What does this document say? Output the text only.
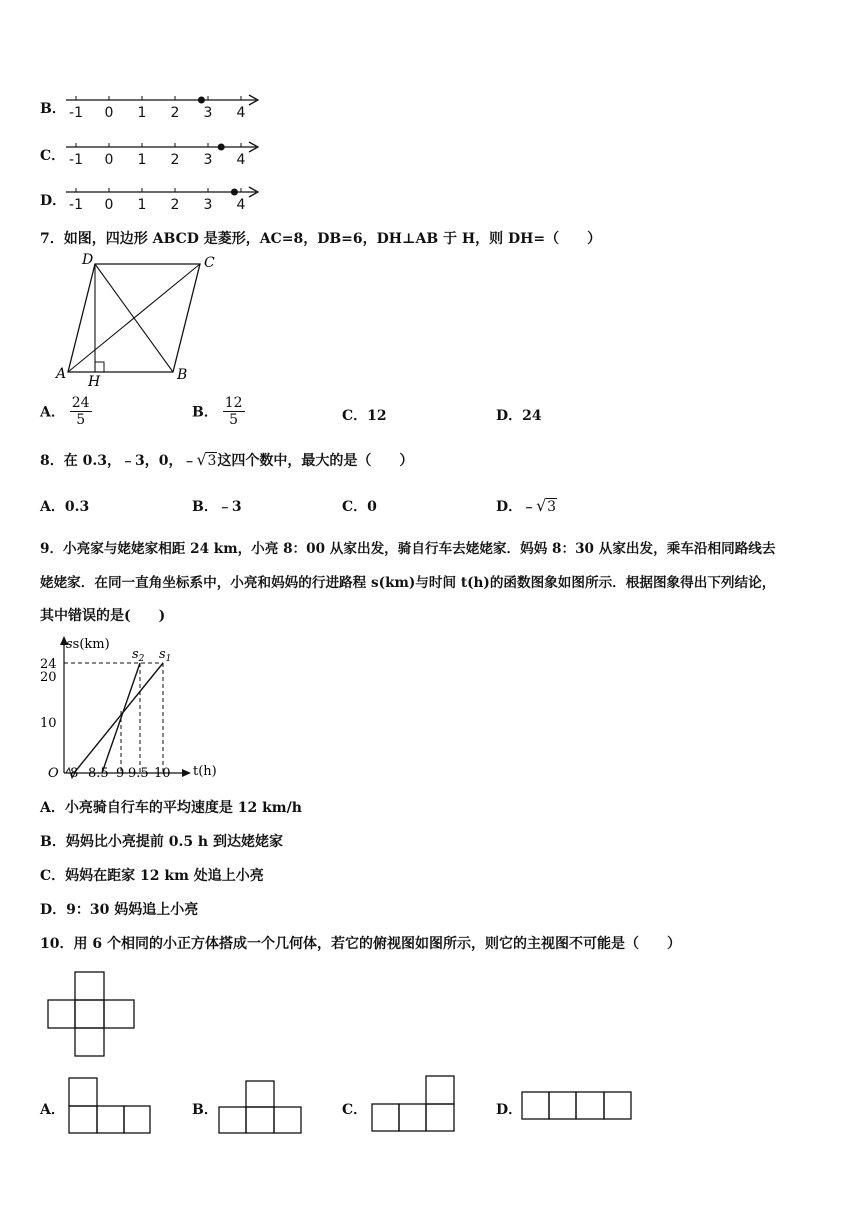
B． -1 0 1 2 3 4
C． -1 0 1 2 3 4
D． -1 0 1 2 3 4
7．如图，四边形 ABCD 是菱形，AC=8，DB=6，DH⊥AB 于 H，则 DH=（　　）
D	C
A	B
H
A． $\frac{24}{5}$	B． $\frac{12}{5}$	C．12	D．24
8．在 0.3，﹣3，0，﹣ √ 3这四个数中，最大的是（　　）
A．0.3	B．﹣3	C．0	D．﹣ √ 3
9．小亮家与姥姥家相距 24 km，小亮 8：00 从家出发，骑自行车去姥姥家．妈妈 8：30 从家出发，乘车沿相同路线去
姥姥家．在同一直角坐标系中，小亮和妈妈的行进路程 s(km)与时间 t(h)的函数图象如图所示．根据图象得出下列结论，
其中错误的是(　　)
ss(km)
24
20
10
O 8 8.5 9 9.5 10 t(h)
$s_2$ $s_1$
A．小亮骑自行车的平均速度是 12 km/h
B．妈妈比小亮提前 0.5 h 到达姥姥家
C．妈妈在距家 12 km 处追上小亮
D．9：30 妈妈追上小亮
10．用 6 个相同的小正方体搭成一个几何体，若它的俯视图如图所示，则它的主视图不可能是（　　）
A．	B．	C．	D．
